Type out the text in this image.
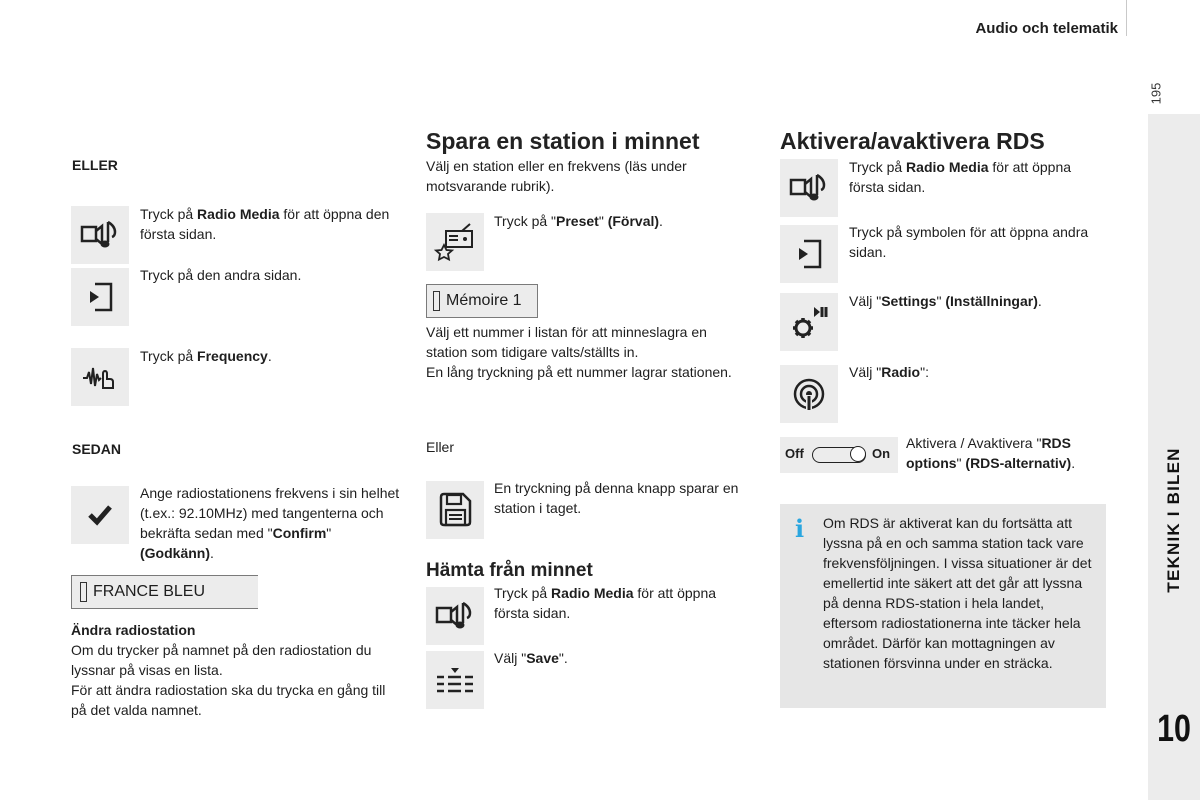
Audio och telematik
195
TEKNIK I BILEN
10
ELLER
Tryck på Radio Media för att öppna den första sidan.
Tryck på den andra sidan.
Tryck på Frequency.
SEDAN
Ange radiostationens frekvens i sin helhet (t.ex.: 92.10MHz) med tangenterna och bekräfta sedan med "Confirm" (Godkänn).
FRANCE BLEU
Ändra radiostation

Om du trycker på namnet på den radiostation du lyssnar på visas en lista.

För att ändra radiostation ska du trycka en gång till på det valda namnet.

Spara en station i minnet
Välj en station eller en frekvens (läs under motsvarande rubrik).
Tryck på "Preset" (Förval).
Mémoire 1

Välj ett nummer i listan för att minneslagra en station som tidigare valts/ställts in.

En lång tryckning på ett nummer lagrar stationen.

Eller
En tryckning på denna knapp sparar en station i taget.
Hämta från minnet
Tryck på Radio Media för att öppna första sidan.
Välj "Save".
Aktivera/avaktivera RDS
Tryck på Radio Media för att öppna första sidan.
Tryck på symbolen för att öppna andra sidan.
Välj "Settings" (Inställningar).
Välj "Radio":
Off	On
Aktivera / Avaktivera "RDS options" (RDS-alternativ).
i Om RDS är aktiverat kan du fortsätta att lyssna på en och samma station tack vare frekvensföljningen. I vissa situationer är det emellertid inte säkert att det går att lyssna på denna RDS-station i hela landet, eftersom radiostationerna inte täcker hela området. Därför kan mottagningen av stationen försvinna under en sträcka.
